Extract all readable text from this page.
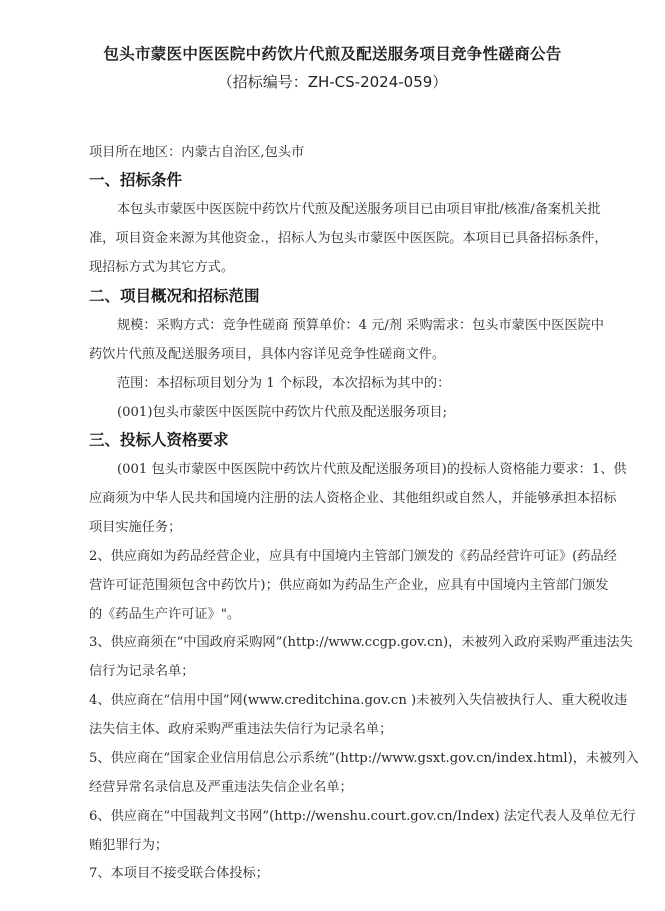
包头市蒙医中医医院中药饮片代煎及配送服务项目竞争性磋商公告
（招标编号：ZH-CS-2024-059）
项目所在地区：内蒙古自治区,包头市
一、招标条件
本包头市蒙医中医医院中药饮片代煎及配送服务项目已由项目审批/核准/备案机关批
准，项目资金来源为其他资金.，招标人为包头市蒙医中医医院。本项目已具备招标条件，
现招标方式为其它方式。
二、项目概况和招标范围
规模：采购方式：竞争性磋商 预算单价：4 元/剂 采购需求：包头市蒙医中医医院中
药饮片代煎及配送服务项目，具体内容详见竞争性磋商文件。
范围：本招标项目划分为 1 个标段，本次招标为其中的：
(001)包头市蒙医中医医院中药饮片代煎及配送服务项目;
三、投标人资格要求
(001 包头市蒙医中医医院中药饮片代煎及配送服务项目)的投标人资格能力要求：1、供
应商须为中华人民共和国境内注册的法人资格企业、其他组织或自然人，并能够承担本招标
项目实施任务；
2、供应商如为药品经营企业，应具有中国境内主管部门颁发的《药品经营许可证》(药品经
营许可证范围须包含中药饮片)；供应商如为药品生产企业，应具有中国境内主管部门颁发
的《药品生产许可证》"。
3、供应商须在“中国政府采购网”(http://www.ccgp.gov.cn)，未被列入政府采购严重违法失
信行为记录名单；
4、供应商在“信用中国”网(www.creditchina.gov.cn )未被列入失信被执行人、重大税收违
法失信主体、政府采购严重违法失信行为记录名单；
5、供应商在“国家企业信用信息公示系统”(http://www.gsxt.gov.cn/index.html)，未被列入
经营异常名录信息及严重违法失信企业名单；
6、供应商在“中国裁判文书网”(http://wenshu.court.gov.cn/Index) 法定代表人及单位无行
贿犯罪行为；
7、本项目不接受联合体投标；
